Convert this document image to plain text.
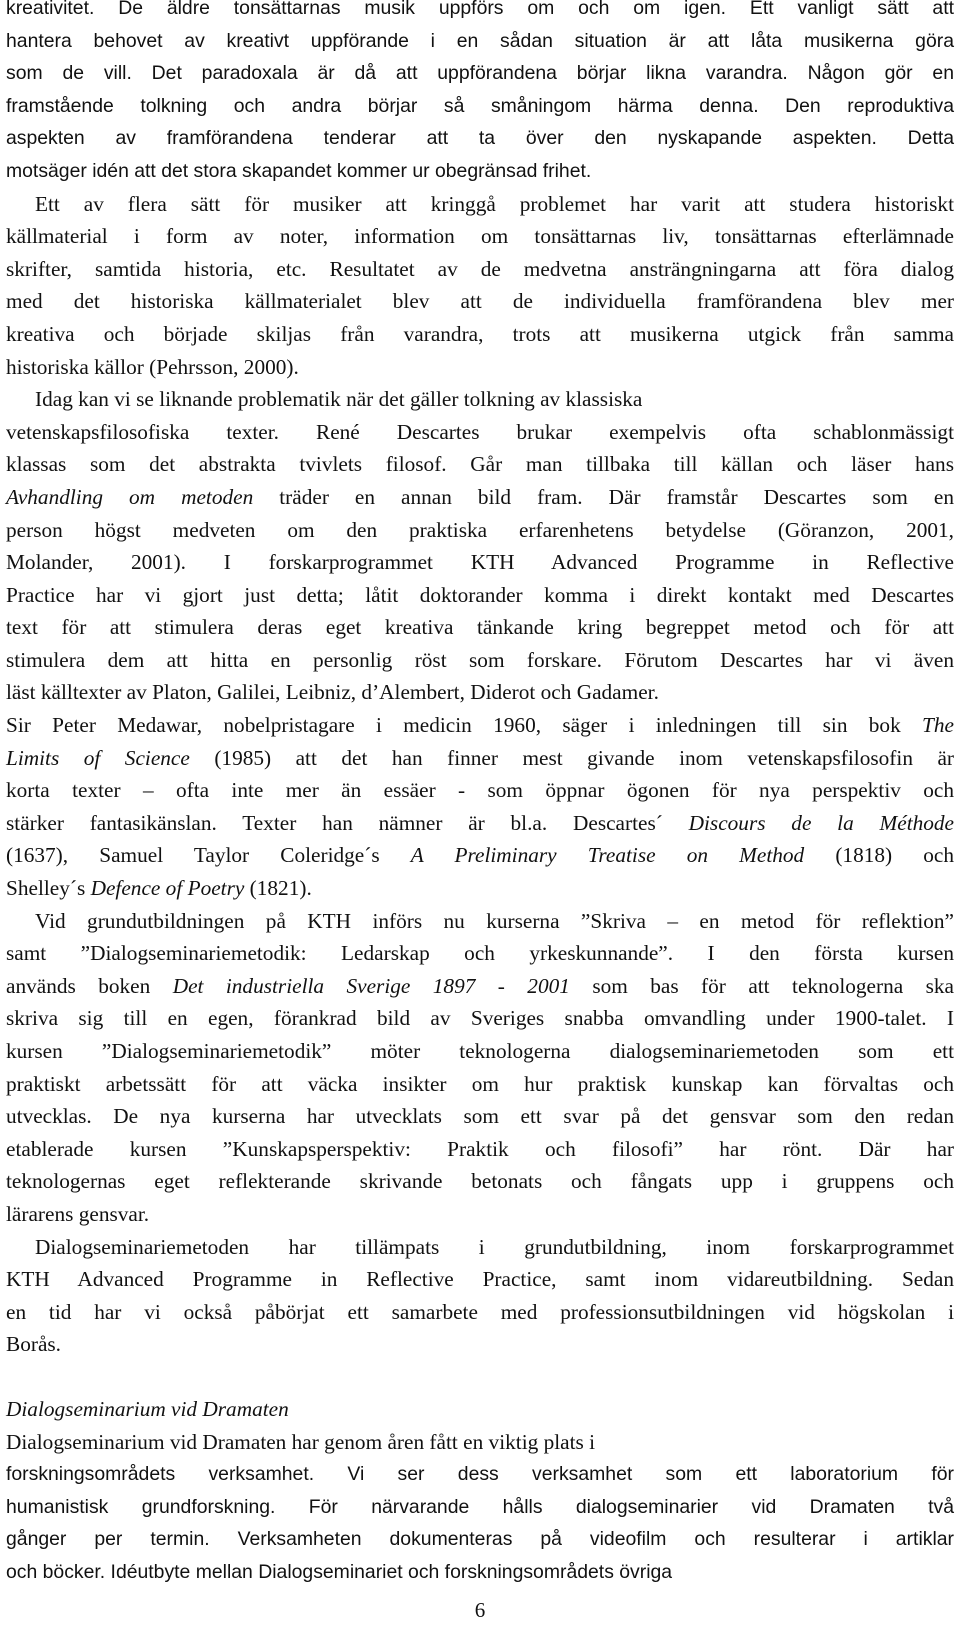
kreativitet. De äldre tonsättarnas musik uppförs om och om igen. Ett vanligt sätt att
hantera behovet av kreativt uppförande i en sådan situation är att låta musikerna göra
som de vill. Det paradoxala är då att uppförandena börjar likna varandra. Någon gör en
framstående tolkning och andra börjar så småningom härma denna. Den reproduktiva
aspekten av framförandena tenderar att ta över den nyskapande aspekten. Detta
motsäger idén att det stora skapandet kommer ur obegränsad frihet.
Ett av flera sätt för musiker att kringgå problemet har varit att studera historiskt
källmaterial i form av noter, information om tonsättarnas liv, tonsättarnas efterlämnade
skrifter, samtida historia, etc. Resultatet av de medvetna ansträngningarna att föra dialog
med det historiska källmaterialet blev att de individuella framförandena blev mer
kreativa och började skiljas från varandra, trots att musikerna utgick från samma
historiska källor (Pehrsson, 2000).
Idag kan vi se liknande problematik när det gäller tolkning av klassiska
vetenskapsfilosofiska texter. René Descartes brukar exempelvis ofta schablonmässigt
klassas som det abstrakta tvivlets filosof. Går man tillbaka till källan och läser hans
Avhandling om metoden träder en annan bild fram. Där framstår Descartes som en
person högst medveten om den praktiska erfarenhetens betydelse (Göranzon, 2001,
Molander, 2001). I forskarprogrammet KTH Advanced Programme in Reflective
Practice har vi gjort just detta; låtit doktorander komma i direkt kontakt med Descartes
text för att stimulera deras eget kreativa tänkande kring begreppet metod och för att
stimulera dem att hitta en personlig röst som forskare. Förutom Descartes har vi även
läst källtexter av Platon, Galilei, Leibniz, d’Alembert, Diderot och Gadamer.
Sir Peter Medawar, nobelpristagare i medicin 1960, säger i inledningen till sin bok The
Limits of Science (1985) att det han finner mest givande inom vetenskapsfilosofin är
korta texter – ofta inte mer än essäer - som öppnar ögonen för nya perspektiv och
stärker fantasikänslan. Texter han nämner är bl.a. Descartes´ Discours de la Méthode
(1637), Samuel Taylor Coleridge´s A Preliminary Treatise on Method (1818) och
Shelley´s Defence of Poetry (1821).
Vid grundutbildningen på KTH införs nu kurserna ”Skriva – en metod för reflektion”
samt ”Dialogseminariemetodik: Ledarskap och yrkeskunnande”. I den första kursen
används boken Det industriella Sverige 1897 - 2001 som bas för att teknologerna ska
skriva sig till en egen, förankrad bild av Sveriges snabba omvandling under 1900-talet. I
kursen ”Dialogseminariemetodik” möter teknologerna dialogseminariemetoden som ett
praktiskt arbetssätt för att väcka insikter om hur praktisk kunskap kan förvaltas och
utvecklas. De nya kurserna har utvecklats som ett svar på det gensvar som den redan
etablerade kursen ”Kunskapsperspektiv: Praktik och filosofi” har rönt. Där har
teknologernas eget reflekterande skrivande betonats och fångats upp i gruppens och
lärarens gensvar.
Dialogseminariemetoden har tillämpats i grundutbildning, inom forskarprogrammet
KTH Advanced Programme in Reflective Practice, samt inom vidareutbildning. Sedan
en tid har vi också påbörjat ett samarbete med professionsutbildningen vid högskolan i
Borås.
Dialogseminarium vid Dramaten
Dialogseminarium vid Dramaten har genom åren fått en viktig plats i
forskningsområdets verksamhet. Vi ser dess verksamhet som ett laboratorium för
humanistisk grundforskning. För närvarande hålls dialogseminarier vid Dramaten två
gånger per termin. Verksamheten dokumenteras på videofilm och resulterar i artiklar
och böcker. Idéutbyte mellan Dialogseminariet och forskningsområdets övriga
6
